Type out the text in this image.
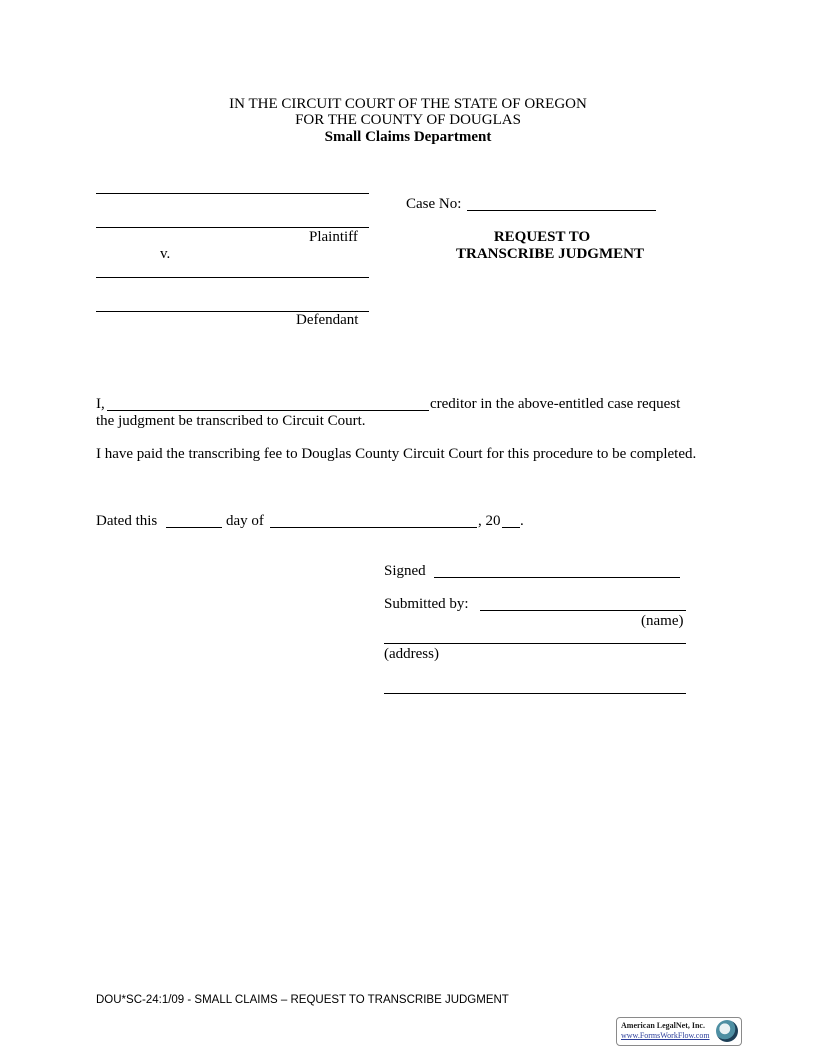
IN THE CIRCUIT COURT OF THE STATE OF OREGON
FOR THE COUNTY OF DOUGLAS
Small Claims Department
Plaintiff
v.
Defendant
Case No:
REQUEST TO
TRANSCRIBE JUDGMENT
I,	creditor in the above-entitled case request
the judgment be transcribed to Circuit Court.
I have paid the transcribing fee to Douglas County Circuit Court for this procedure to be completed.
Dated this	day of	, 20 .
Signed
Submitted by:
(name)
(address)
DOU*SC-24:1/09 - SMALL CLAIMS – REQUEST TO TRANSCRIBE JUDGMENT
American LegalNet, Inc.
www.FormsWorkFlow.com
